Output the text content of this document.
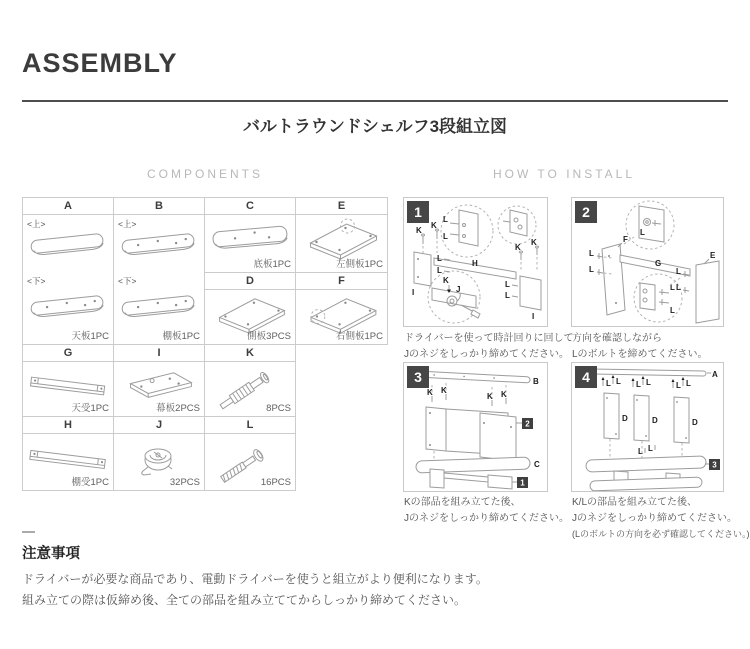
ASSEMBLY
バルトラウンドシェルフ3段組立図
COMPONENTS	HOW TO INSTALL
A	B	C	E
<上>
<下>
天板1PC
<上>
<下>
棚板1PC
底板1PC	左側板1PC
D	F
側板3PCS	右側板1PC
G	I	K
天受1PC	幕板2PCS	8PCS
H	J	L
棚受1PC	32PCS	16PCS
1	L
L
H
I
I
K
K
K
K
L
L
L
L
J
K
ドライバーを使って時計回りに回して
Jのネジをしっかり締めてください。
2
L
L
L
F
G
E
L
L	L
L
方向を確認しながら
Lのボルトを締めてください。
3	B
K K
K K
2
C
1
Kの部品を組み立てた後、
Jのネジをしっかり締めてください。
4	A
L L L L	L L
D	D	D
L L
3
K/Lの部品を組み立てた後、
Jのネジをしっかり締めてください。
(Lのボルトの方向を必ず確認してください。)
注意事項
ドライバーが必要な商品であり、電動ドライバーを使うと組立がより便利になります。
組み立ての際は仮締め後、全ての部品を組み立ててからしっかり締めてください。
